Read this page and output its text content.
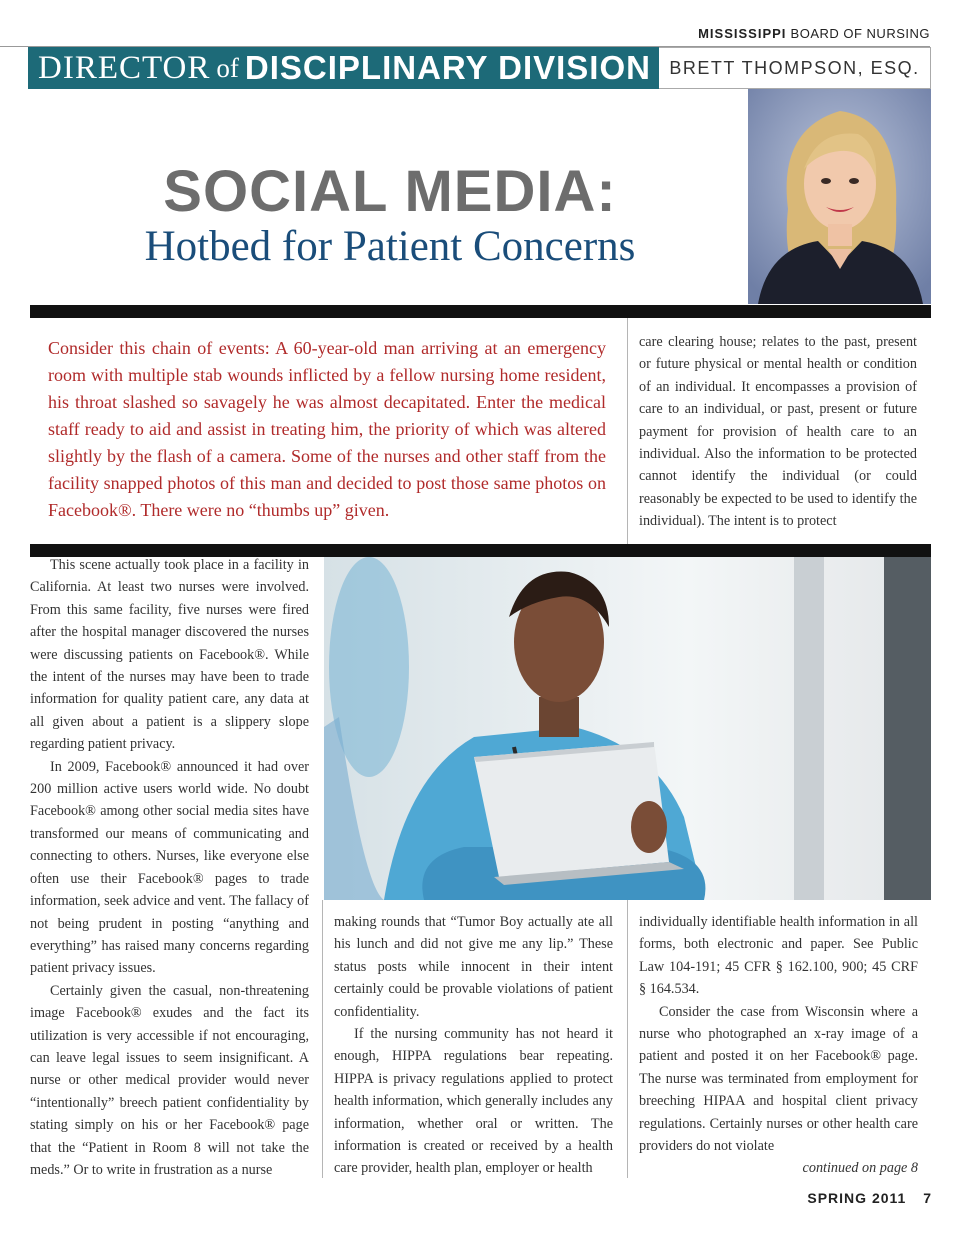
MISSISSIPPI BOARD OF NURSING
DIRECTOR of DISCIPLINARY DIVISION	BRETT THOMPSON, ESQ.
SOCIAL MEDIA:
Hotbed for Patient Concerns
Consider this chain of events: A 60-year-old man arriving at an emergency room with multiple stab wounds inflicted by a fellow nursing home resident, his throat slashed so savagely he was almost decapitated. Enter the medical staff ready to aid and assist in treating him, the priority of which was altered slightly by the flash of a camera. Some of the nurses and other staff from the facility snapped photos of this man and decided to post those same photos on Facebook®. There were no “thumbs up” given.

care clearing house; relates to the past, present or future physical or mental health or condition of an individual. It encompasses a provision of care to an individual, or past, present or future payment for provision of health care to an individual. Also the information to be protected cannot identify the individual (or could reasonably be expected to be used to identify the individual). The intent is to protect

This scene actually took place in a facility in California. At least two nurses were involved. From this same facility, five nurses were fired after the hospital manager discovered the nurses were discussing patients on Facebook®. While the intent of the nurses may have been to trade information for quality patient care, any data at all given about a patient is a slippery slope regarding patient privacy.

In 2009, Facebook® announced it had over 200 million active users world wide. No doubt Facebook® among other social media sites have transformed our means of communicating and connecting to others. Nurses, like everyone else often use their Facebook® pages to trade information, seek advice and vent. The fallacy of not being prudent in posting “anything and everything” has raised many concerns regarding patient privacy issues.

Certainly given the casual, non-threatening image Facebook® exudes and the fact its utilization is very accessible if not encouraging, can leave legal issues to seem insignificant. A nurse or other medical provider would never “intentionally” breech patient confidentiality by stating simply on his or her Facebook® page that the “Patient in Room 8 will not take the meds.” Or to write in frustration as a nurse

making rounds that “Tumor Boy actually ate all his lunch and did not give me any lip.” These status posts while innocent in their intent certainly could be provable violations of patient confidentiality.

If the nursing community has not heard it enough, HIPPA regulations bear repeating. HIPPA is privacy regulations applied to protect health information, which generally includes any information, whether oral or written. The information is created or received by a health care provider, health plan, employer or health

individually identifiable health information in all forms, both electronic and paper. See Public Law 104-191; 45 CFR § 162.100, 900; 45 CRF § 164.534.

Consider the case from Wisconsin where a nurse who photographed an x-ray image of a patient and posted it on her Facebook® page. The nurse was terminated from employment for breeching HIPAA and hospital client privacy regulations. Certainly nurses or other health care providers do not violate

continued on page 8

SPRING 2011 7
